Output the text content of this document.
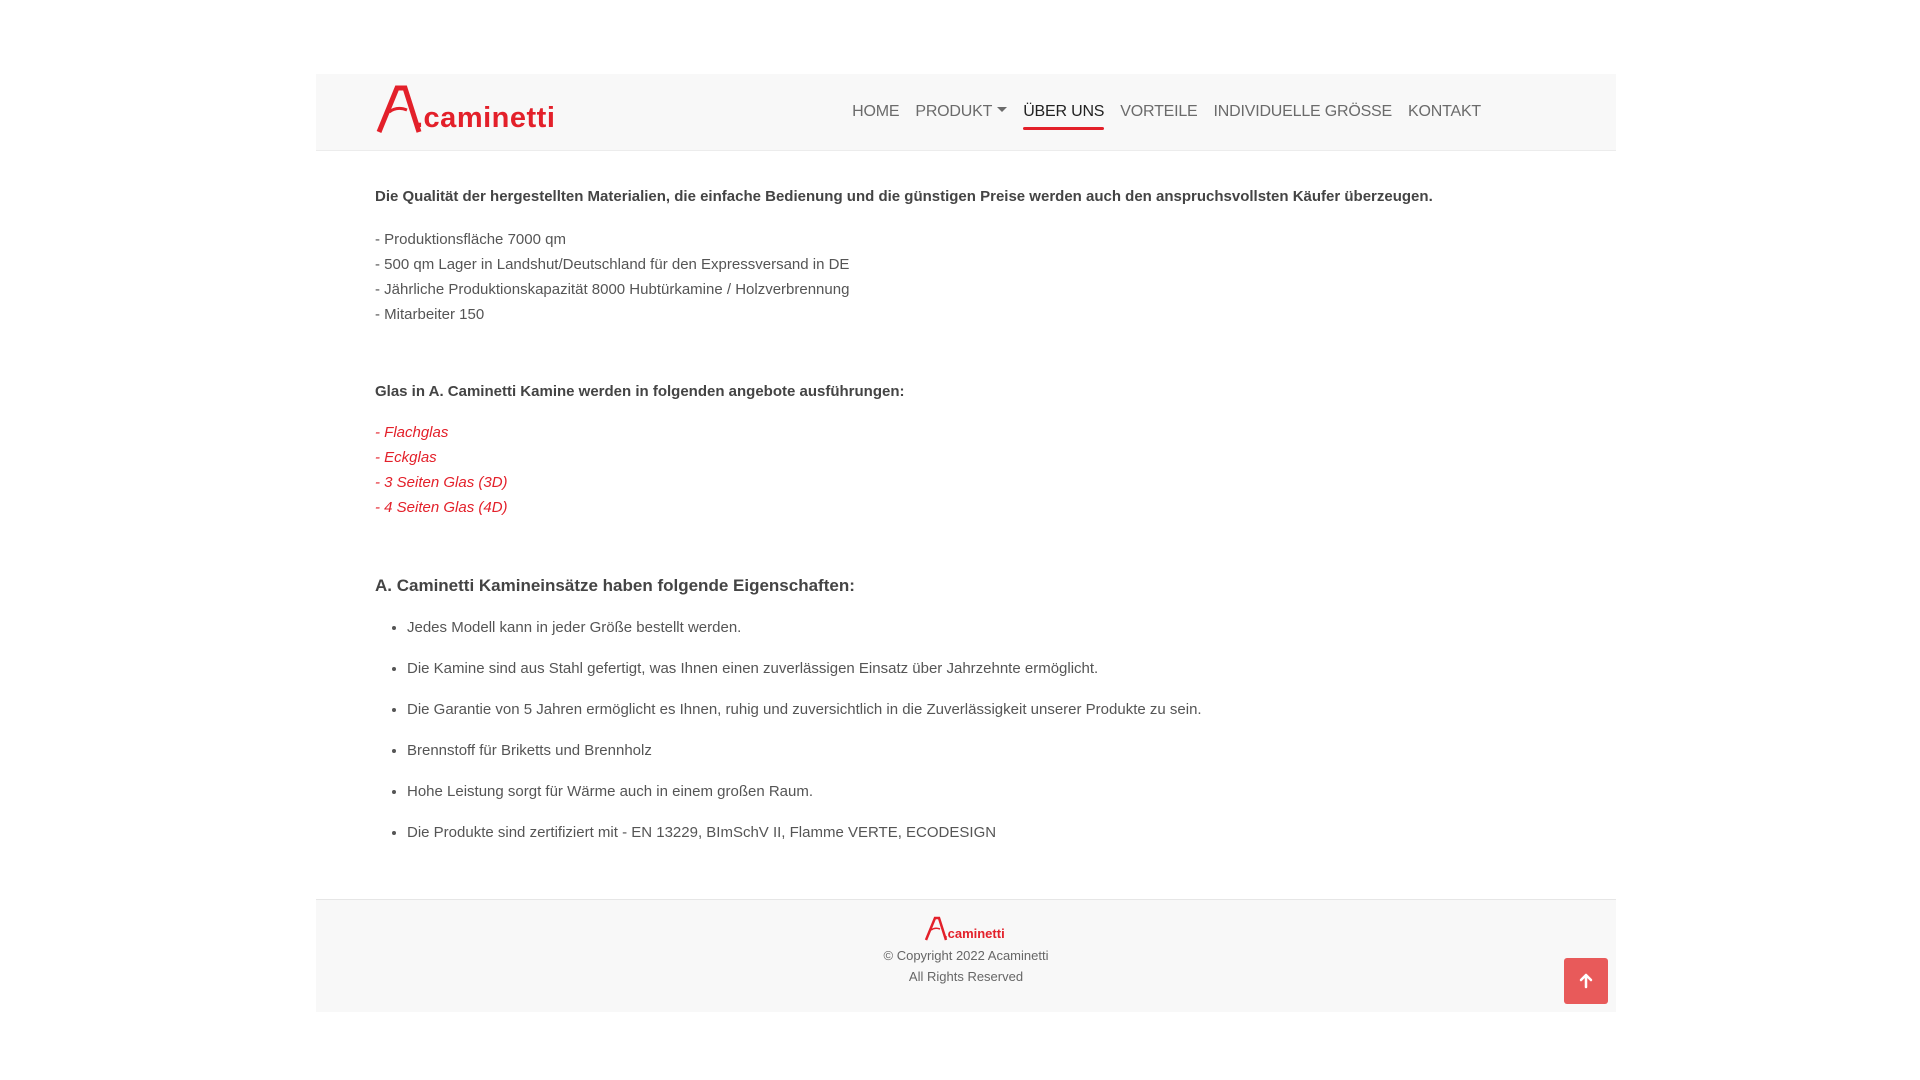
.caminetti	HOME	PRODUKT	ÜBER UNS	VORTEILE	INDIVIDUELLE GRÖSSE	KONTAKT

Die Qualität der hergestellten Materialien, die einfache Bedienung und die günstigen Preise werden auch den anspruchsvollsten Käufer überzeugen.

- Produktionsfläche 7000 qm
- 500 qm Lager in Landshut/Deutschland für den Expressversand in DE
- Jährliche Produktionskapazität 8000 Hubtürkamine / Holzverbrennung
- Mitarbeiter 150

Glas in A. Caminetti Kamine werden in folgenden angebote ausführungen:

- Flachglas
- Eckglas
- 3 Seiten Glas (3D)
- 4 Seiten Glas (4D)
A. Caminetti Kamineinsätze haben folgende Eigenschaften:
• Jedes Modell kann in jeder Größe bestellt werden.
• Die Kamine sind aus Stahl gefertigt, was Ihnen einen zuverlässigen Einsatz über Jahrzehnte ermöglicht.
• Die Garantie von 5 Jahren ermöglicht es Ihnen, ruhig und zuversichtlich in die Zuverlässigkeit unserer Produkte zu sein.
• Brennstoff für Briketts und Brennholz
• Hohe Leistung sorgt für Wärme auch in einem großen Raum.
• Die Produkte sind zertifiziert mit - EN 13229, BImSchV II, Flamme VERTE, ECODESIGN
.caminetti
© Copyright 2022 Acaminetti
All Rights Reserved
